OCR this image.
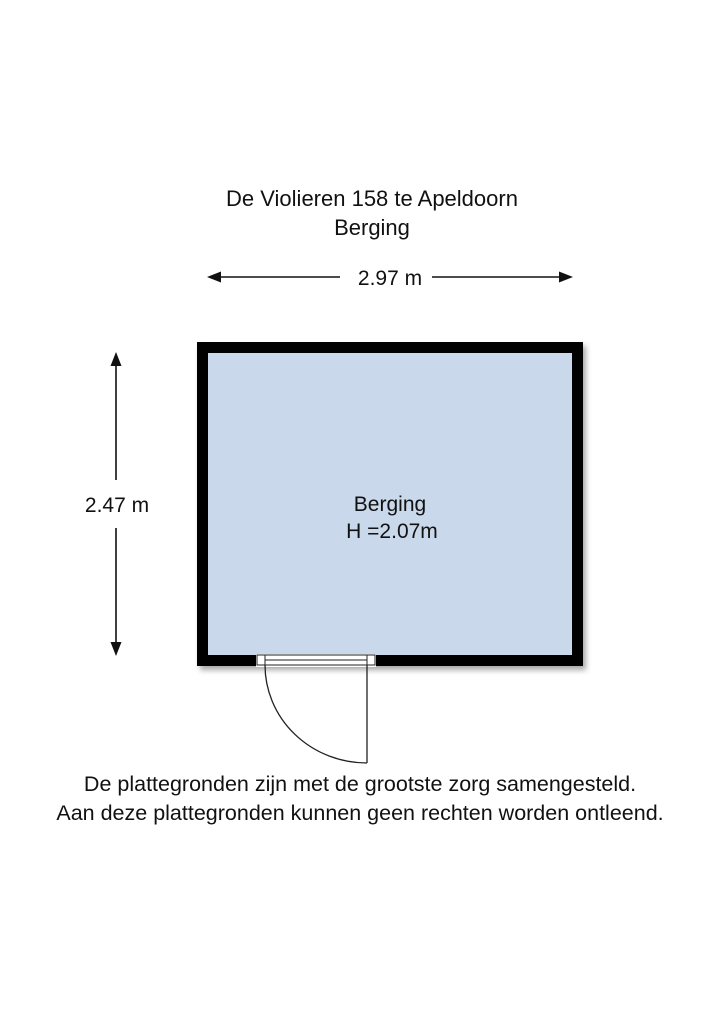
De Violieren 158 te Apeldoorn
Berging
2.97 m
2.47 m	Berging
H =2.07m
De plattegronden zijn met de grootste zorg samengesteld.
Aan deze plattegronden kunnen geen rechten worden ontleend.
